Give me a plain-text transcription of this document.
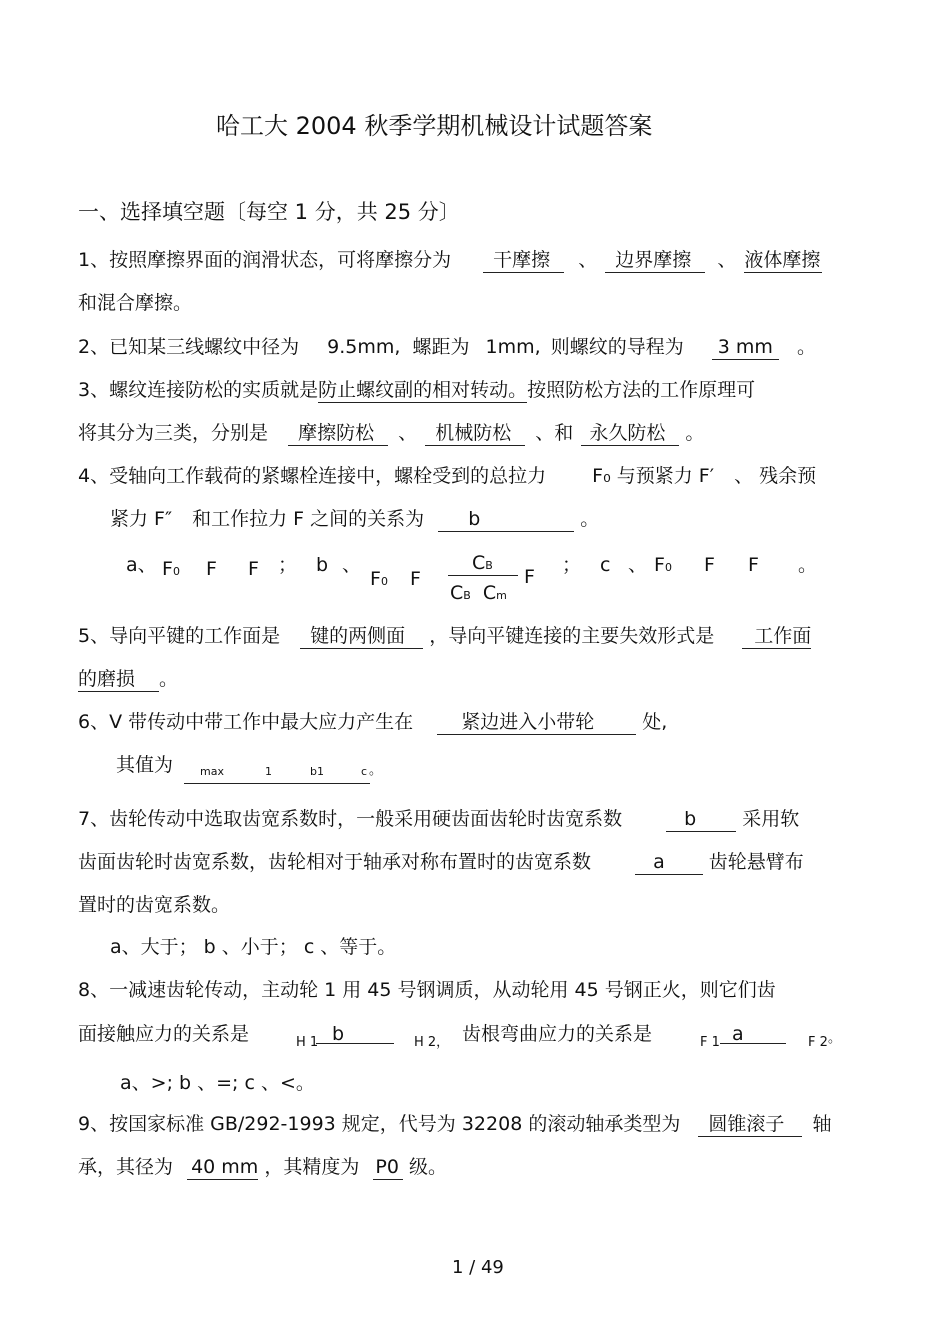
哈工大 2004 秋季学期机械设计试题答案
一、选择填空题〔每空 1 分，共 25 分〕
1、按照摩擦界面的润滑状态，可将摩擦分为 干摩擦 、 边界摩擦 、 液体摩擦
和混合摩擦。
2、已知某三线螺纹中径为 9.5mm, 螺距为 1mm, 则螺纹的导程为 3 mm 。
3、螺纹连接防松的实质就是防止螺纹副的相对转动。按照防松方法的工作原理可
将其分为三类，分别是 摩擦防松 、 机械防松 、和 永久防松 。
4、受轴向工作载荷的紧螺栓连接中，螺栓受到的总拉力 F₀ 与预紧力 F′ 、 残余预
紧力 F″ 和工作拉力 F 之间的关系为 b	。
a、 F0 F F ； b 、
F0 F
CB
CB Cm
F
； c 、 F0 F F 。
5、导向平键的工作面是 键的两侧面 ，导向平键连接的主要失效形式是 工作面
的磨损 。
6、V 带传动中带工作中最大应力产生在	紧边进入小带轮	处,
其值为 max	1	b1	c 。
7、齿轮传动中选取齿宽系数时，一般采用硬齿面齿轮时齿宽系数	b 采用软
齿面齿轮时齿宽系数，齿轮相对于轴承对称布置时的齿宽系数	a 齿轮悬臂布
置时的齿宽系数。
a、大于； b 、小于； c 、等于。
8、一减速齿轮传动，主动轮 1 用 45 号钢调质，从动轮用 45 号钢正火，则它们齿
面接触应力的关系是	H 1 b	H 2， 齿根弯曲应力的关系是	F 1 a	F 2 。
a、>; b 、=; c 、<。
9、按国家标准 GB/292-1993 规定，代号为 32208 的滚动轴承类型为 圆锥滚子 轴
承，其径为 40 mm ，其精度为 P0 级。
1 / 49
